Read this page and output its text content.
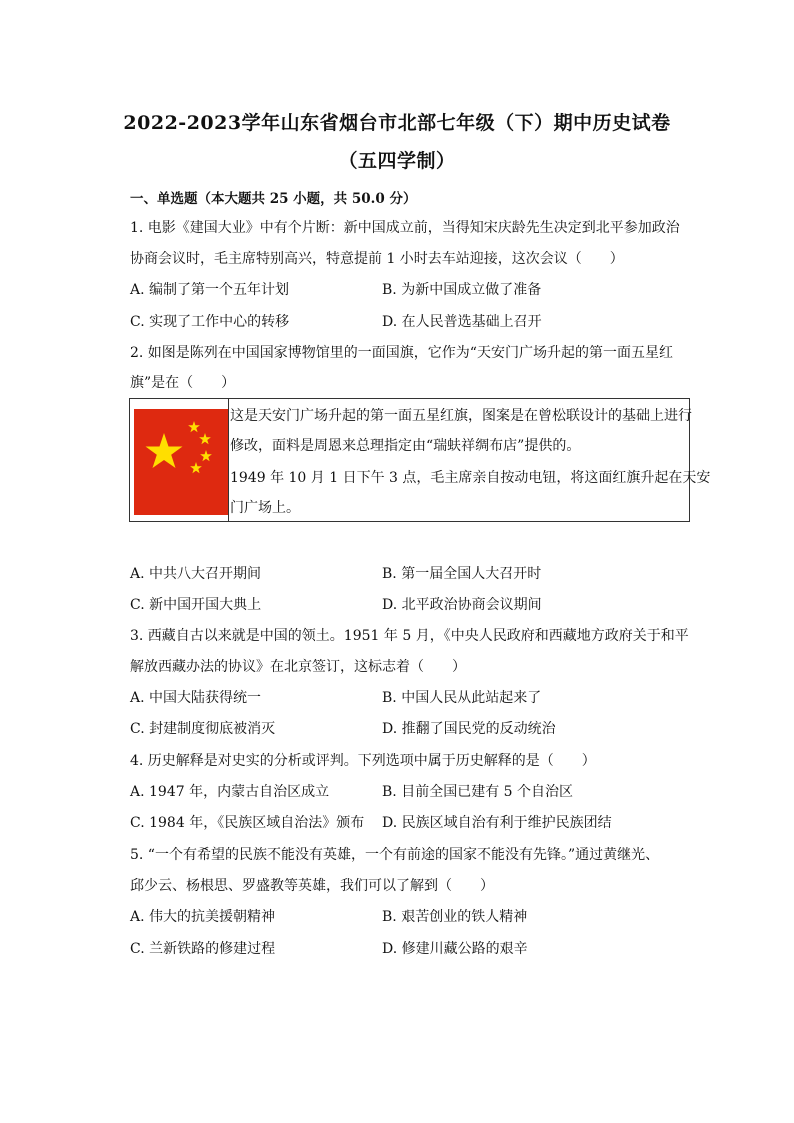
2022-2023学年山东省烟台市北部七年级（下）期中历史试卷
（五四学制）
一、单选题（本大题共 25 小题，共 50.0 分）
1. 电影《建国大业》中有个片断：新中国成立前，当得知宋庆龄先生决定到北平参加政治
协商会议时，毛主席特别高兴，特意提前 1 小时去车站迎接，这次会议（　　）
A. 编制了第一个五年计划	B. 为新中国成立做了准备
C. 实现了工作中心的转移	D. 在人民普选基础上召开
2. 如图是陈列在中国国家博物馆里的一面国旗，它作为“天安门广场升起的第一面五星红
旗”是在（　　）
这是天安门广场升起的第一面五星红旗，图案是在曾松联设计的基础上进行
修改，面料是周恩来总理指定由“瑞蚨祥绸布店”提供的。
1949 年 10 月 1 日下午 3 点，毛主席亲自按动电钮，将这面红旗升起在天安
门广场上。
A. 中共八大召开期间	B. 第一届全国人大召开时
C. 新中国开国大典上	D. 北平政治协商会议期间
3. 西藏自古以来就是中国的领土。1951 年 5 月，《中央人民政府和西藏地方政府关于和平
解放西藏办法的协议》在北京签订，这标志着（　　）
A. 中国大陆获得统一	B. 中国人民从此站起来了
C. 封建制度彻底被消灭	D. 推翻了国民党的反动统治
4. 历史解释是对史实的分析或评判。下列选项中属于历史解释的是（　　）
A. 1947 年，内蒙古自治区成立	B. 目前全国已建有 5 个自治区
C. 1984 年，《民族区域自治法》颁布 D. 民族区域自治有利于维护民族团结
5. “一个有希望的民族不能没有英雄，一个有前途的国家不能没有先锋。”通过黄继光、
邱少云、杨根思、罗盛教等英雄，我们可以了解到（　　）
A. 伟大的抗美援朝精神	B. 艰苦创业的铁人精神
C. 兰新铁路的修建过程	D. 修建川藏公路的艰辛
